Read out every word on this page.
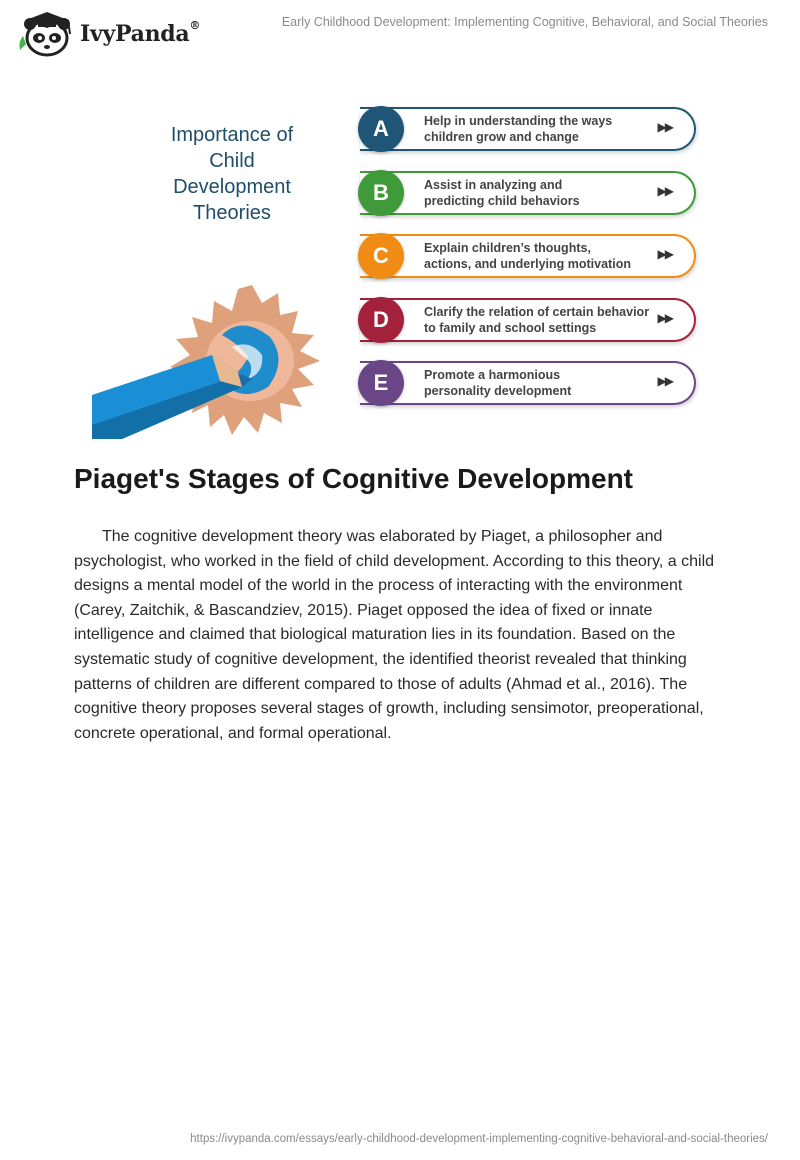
IvyPanda®	Early Childhood Development: Implementing Cognitive, Behavioral, and Social Theories
Importance of Child Development Theories
A	Help in understanding the ways
children grow and change
▶▶
B	Assist in analyzing and
predicting child behaviors
▶▶
C	Explain children’s thoughts,
actions, and underlying motivation
▶▶
D	Clarify the relation of certain behavior
to family and school settings
▶▶
E	Promote a harmonious
personality development
▶▶
Piaget's Stages of Cognitive Development

The cognitive development theory was elaborated by Piaget, a philosopher and psychologist, who worked in the field of child development. According to this theory, a child designs a mental model of the world in the process of interacting with the environment (Carey, Zaitchik, & Bascandziev, 2015). Piaget opposed the idea of fixed or innate intelligence and claimed that biological maturation lies in its foundation. Based on the systematic study of cognitive development, the identified theorist revealed that thinking patterns of children are different compared to those of adults (Ahmad et al., 2016). The cognitive theory proposes several stages of growth, including sensimotor, preoperational, concrete operational, and formal operational.

https://ivypanda.com/essays/early-childhood-development-implementing-cognitive-behavioral-and-social-theories/
